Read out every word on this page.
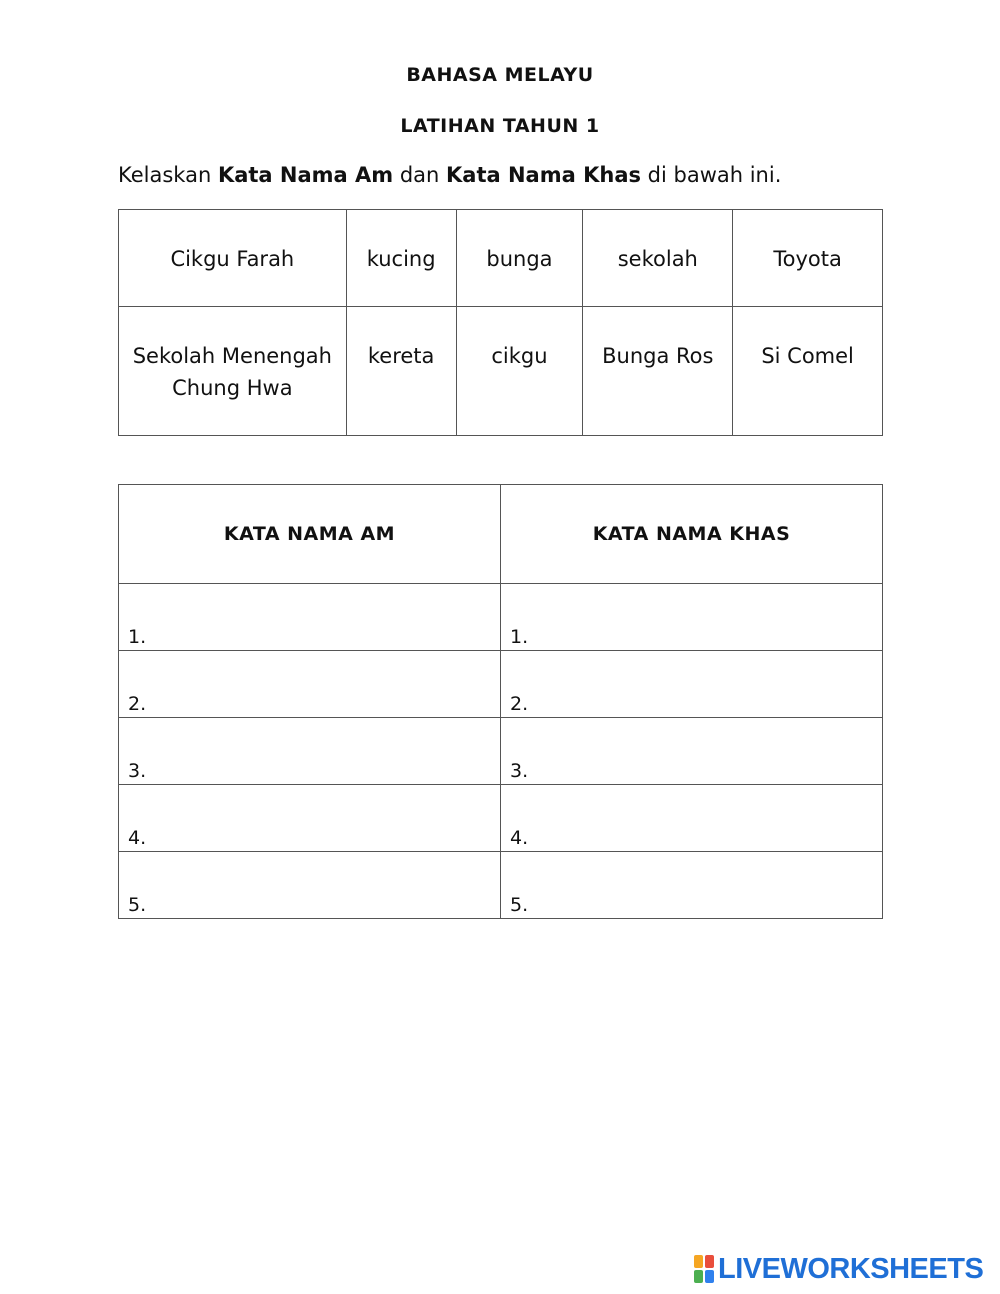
BAHASA MELAYU
LATIHAN TAHUN 1
Kelaskan Kata Nama Am dan Kata Nama Khas di bawah ini.
Cikgu Farah	kucing	bunga	sekolah	Toyota
Sekolah Menengah Chung Hwa	kereta	cikgu	Bunga Ros	Si Comel
KATA NAMA AM	KATA NAMA KHAS
1.	1.
2.	2.
3.	3.
4.	4.
5.	5.
LIVEWORKSHEETS
